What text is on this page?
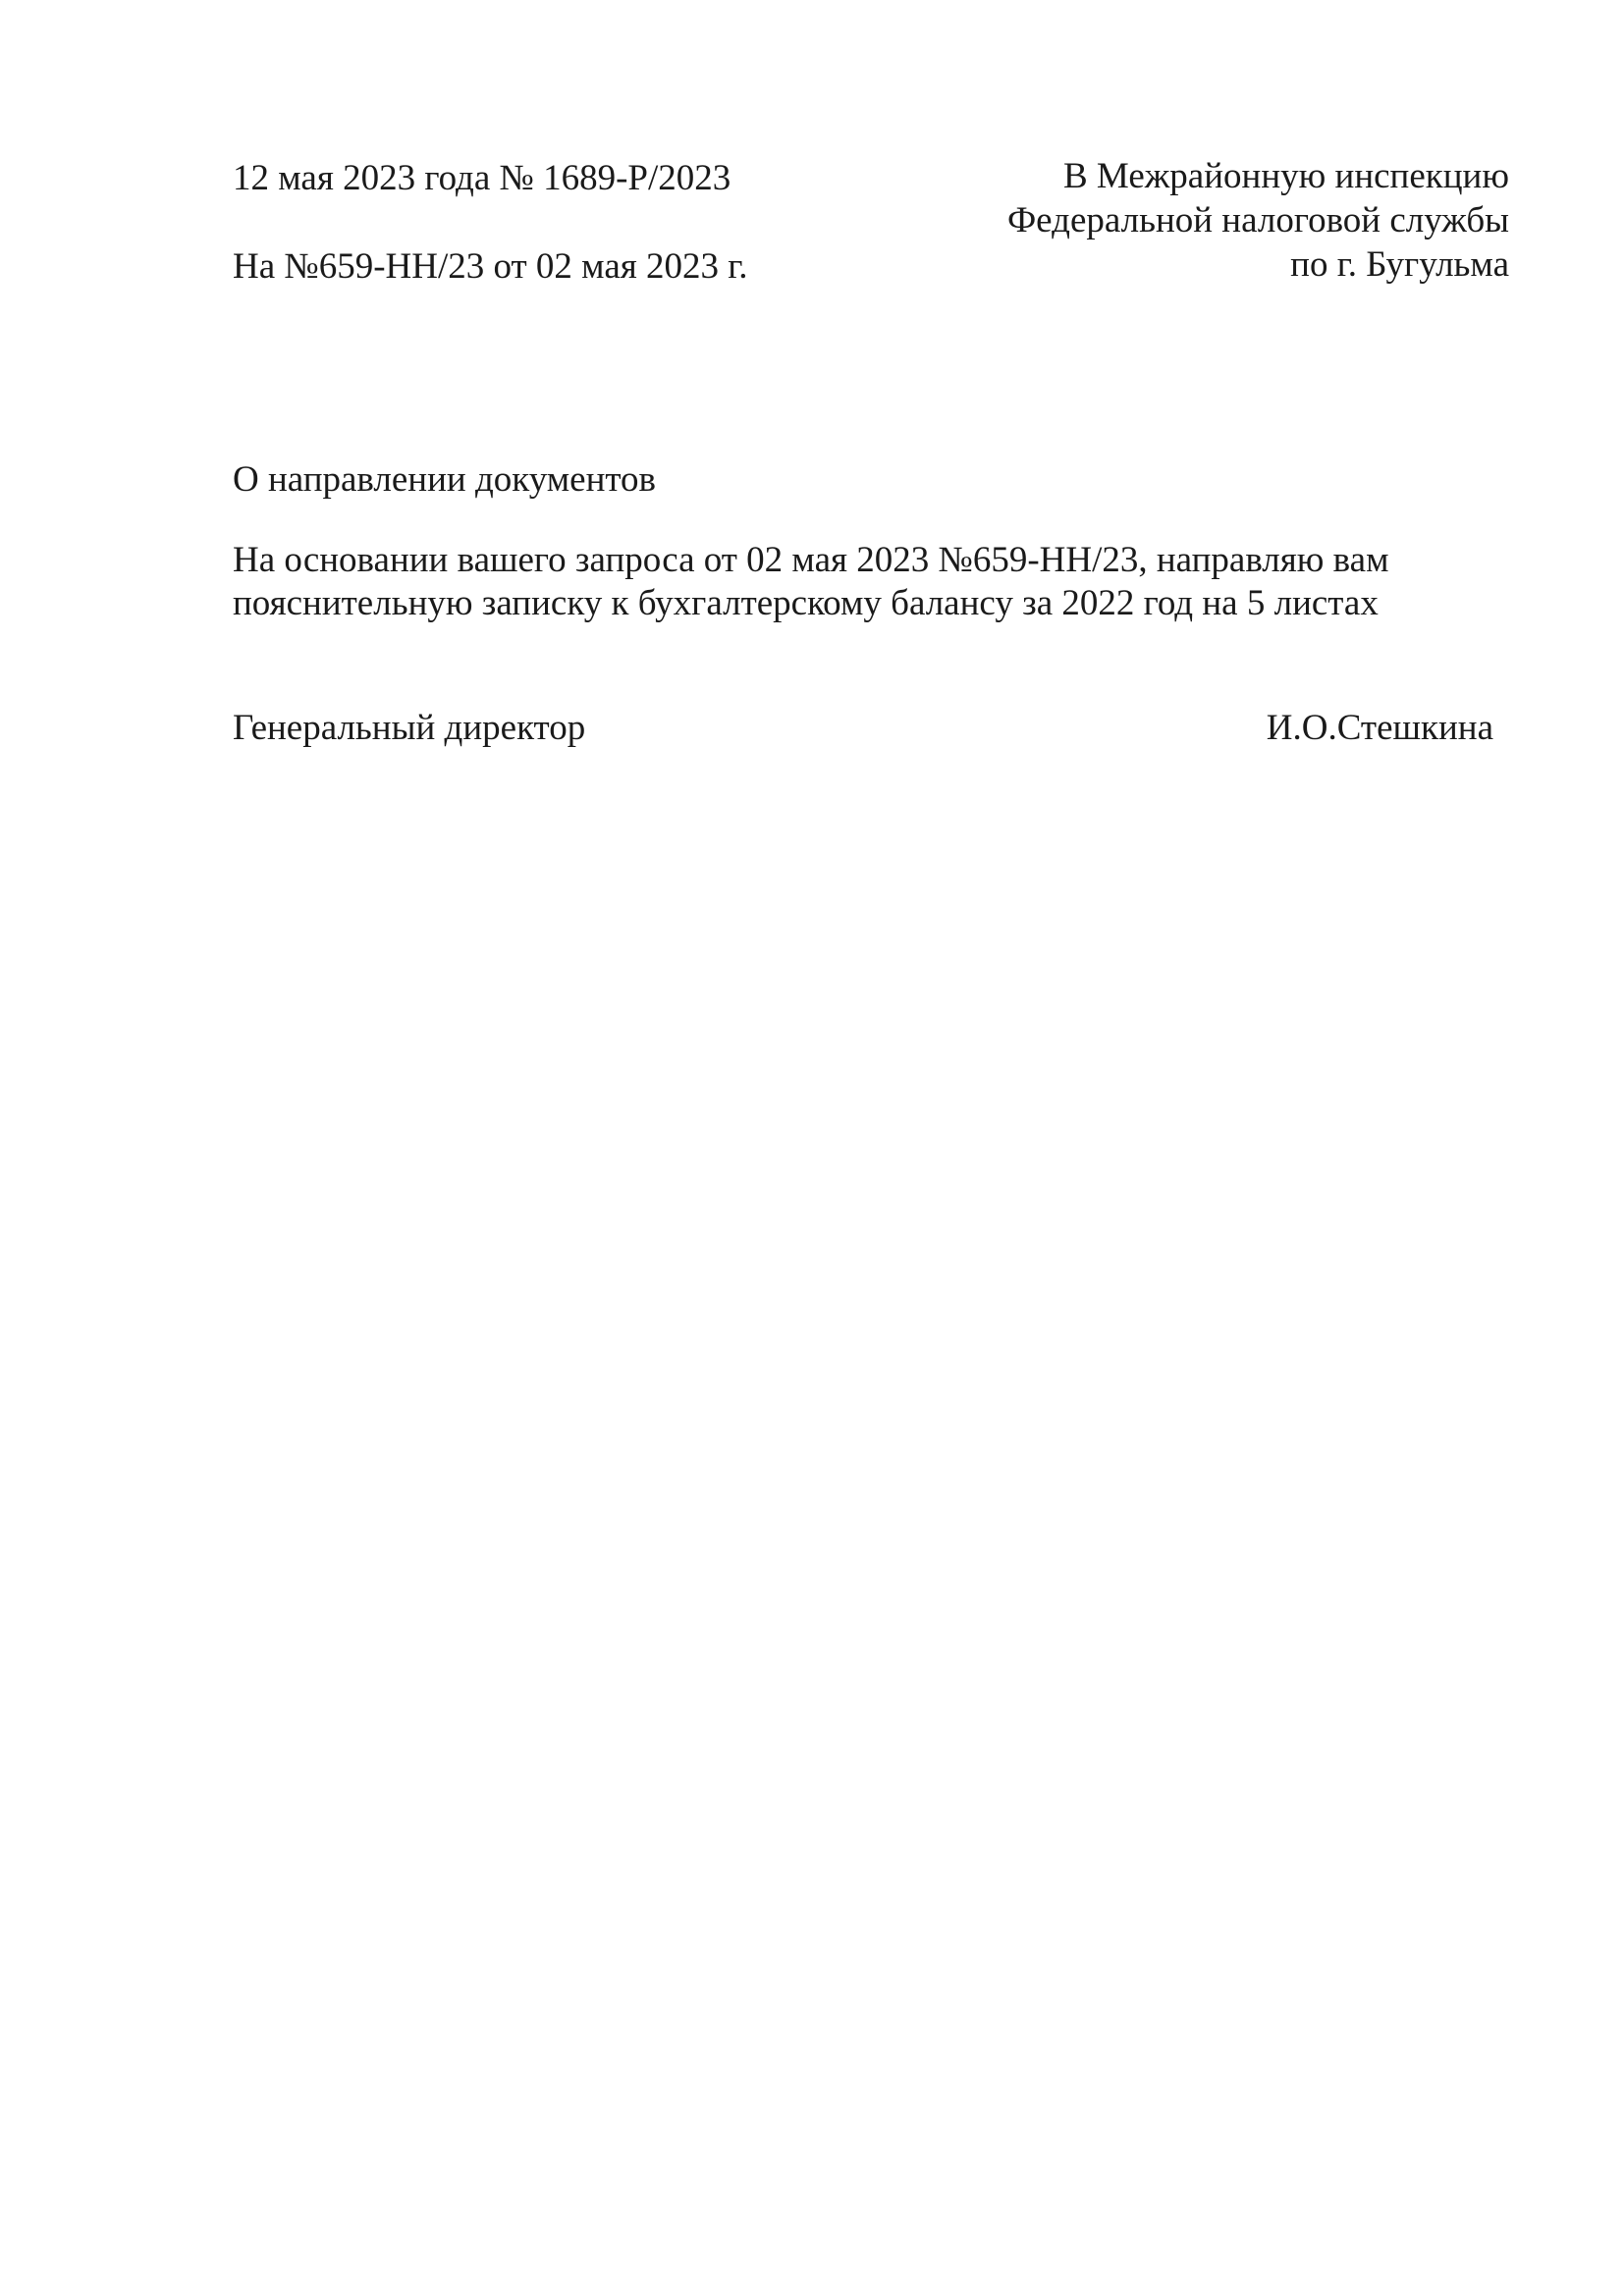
12 мая 2023 года № 1689-Р/2023
На №659-НН/23 от 02 мая 2023 г.
В Межрайонную инспекцию
Федеральной налоговой службы
по г. Бугульма
О направлении документов
На основании вашего запроса от 02 мая 2023 №659-НН/23, направляю вам
пояснительную записку к бухгалтерскому балансу за 2022 год на 5 листах
Генеральный директор	И.О.Стешкина
